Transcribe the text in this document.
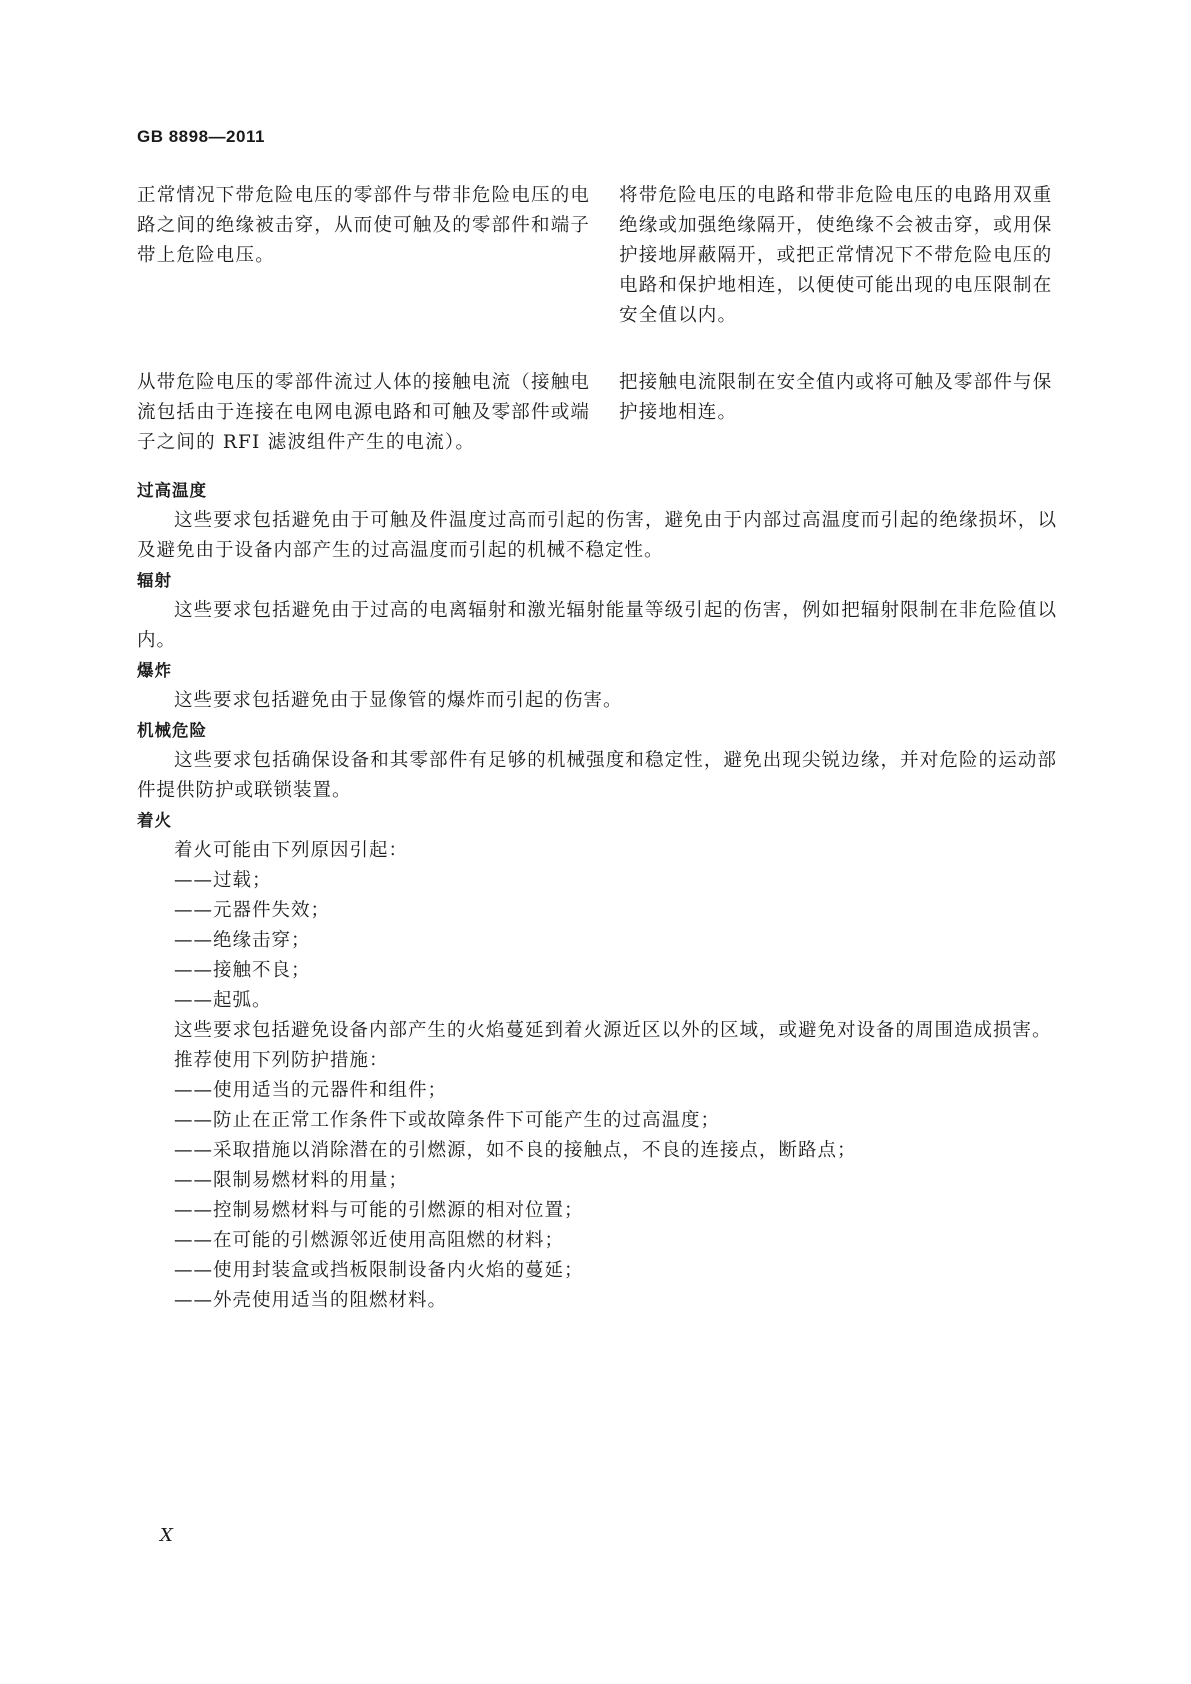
GB 8898—2011
正常情况下带危险电压的零部件与带非危险电压的电路之间的绝缘被击穿，从而使可触及的零部件和端子带上危险电压。
将带危险电压的电路和带非危险电压的电路用双重绝缘或加强绝缘隔开，使绝缘不会被击穿，或用保护接地屏蔽隔开，或把正常情况下不带危险电压的电路和保护地相连，以便使可能出现的电压限制在安全值以内。
从带危险电压的零部件流过人体的接触电流（接触电流包括由于连接在电网电源电路和可触及零部件或端子之间的 RFI 滤波组件产生的电流）。
把接触电流限制在安全值内或将可触及零部件与保护接地相连。
过高温度
这些要求包括避免由于可触及件温度过高而引起的伤害，避免由于内部过高温度而引起的绝缘损坏，以及避免由于设备内部产生的过高温度而引起的机械不稳定性。
辐射
这些要求包括避免由于过高的电离辐射和激光辐射能量等级引起的伤害，例如把辐射限制在非危险值以内。
爆炸
这些要求包括避免由于显像管的爆炸而引起的伤害。
机械危险
这些要求包括确保设备和其零部件有足够的机械强度和稳定性，避免出现尖锐边缘，并对危险的运动部件提供防护或联锁装置。
着火
着火可能由下列原因引起：
——过载；
——元器件失效；
——绝缘击穿；
——接触不良；
——起弧。
这些要求包括避免设备内部产生的火焰蔓延到着火源近区以外的区域，或避免对设备的周围造成损害。
推荐使用下列防护措施：
——使用适当的元器件和组件；
——防止在正常工作条件下或故障条件下可能产生的过高温度；
——采取措施以消除潜在的引燃源，如不良的接触点，不良的连接点，断路点；
——限制易燃材料的用量；
——控制易燃材料与可能的引燃源的相对位置；
——在可能的引燃源邻近使用高阻燃的材料；
——使用封装盒或挡板限制设备内火焰的蔓延；
——外壳使用适当的阻燃材料。
X
